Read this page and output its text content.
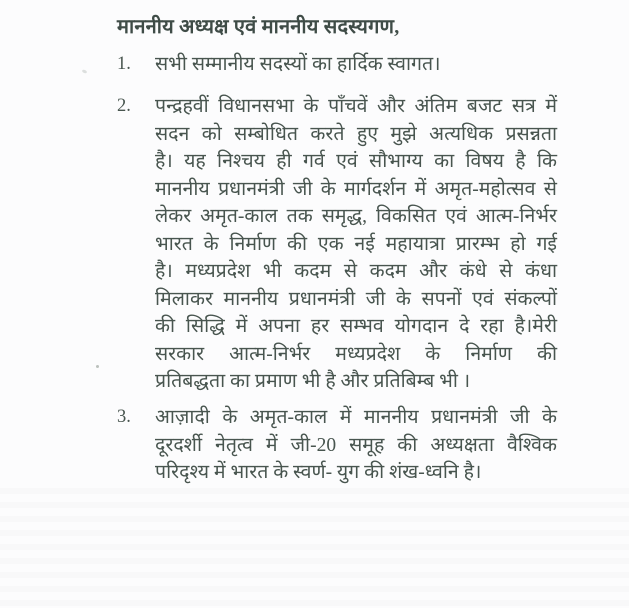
माननीय अध्यक्ष एवं माननीय सदस्यगण,
1. सभी सम्मानीय सदस्यों का हार्दिक स्वागत।
2. पन्द्रहवीं विधानसभा के पाँचवें और अंतिम बजट सत्र में
सदन को सम्बोधित करते हुए मुझे अत्यधिक प्रसन्नता
है। यह निश्चय ही गर्व एवं सौभाग्य का विषय है कि
माननीय प्रधानमंत्री जी के मार्गदर्शन में अमृत-महोत्सव से
लेकर अमृत-काल तक समृद्ध, विकसित एवं आत्म-निर्भर
भारत के निर्माण की एक नई महायात्रा प्रारम्भ हो गई
है। मध्यप्रदेश भी कदम से कदम और कंधे से कंधा
मिलाकर माननीय प्रधानमंत्री जी के सपनों एवं संकल्पों
की सिद्धि में अपना हर सम्भव योगदान दे रहा है।मेरी
सरकार आत्म-निर्भर मध्यप्रदेश के निर्माण की
प्रतिबद्धता का प्रमाण भी है और प्रतिबिम्ब भी ।
3. आज़ादी के अमृत-काल में माननीय प्रधानमंत्री जी के
दूरदर्शी नेतृत्व में जी-20 समूह की अध्यक्षता वैश्विक
परिदृश्य में भारत के स्वर्ण- युग की शंख-ध्वनि है।
